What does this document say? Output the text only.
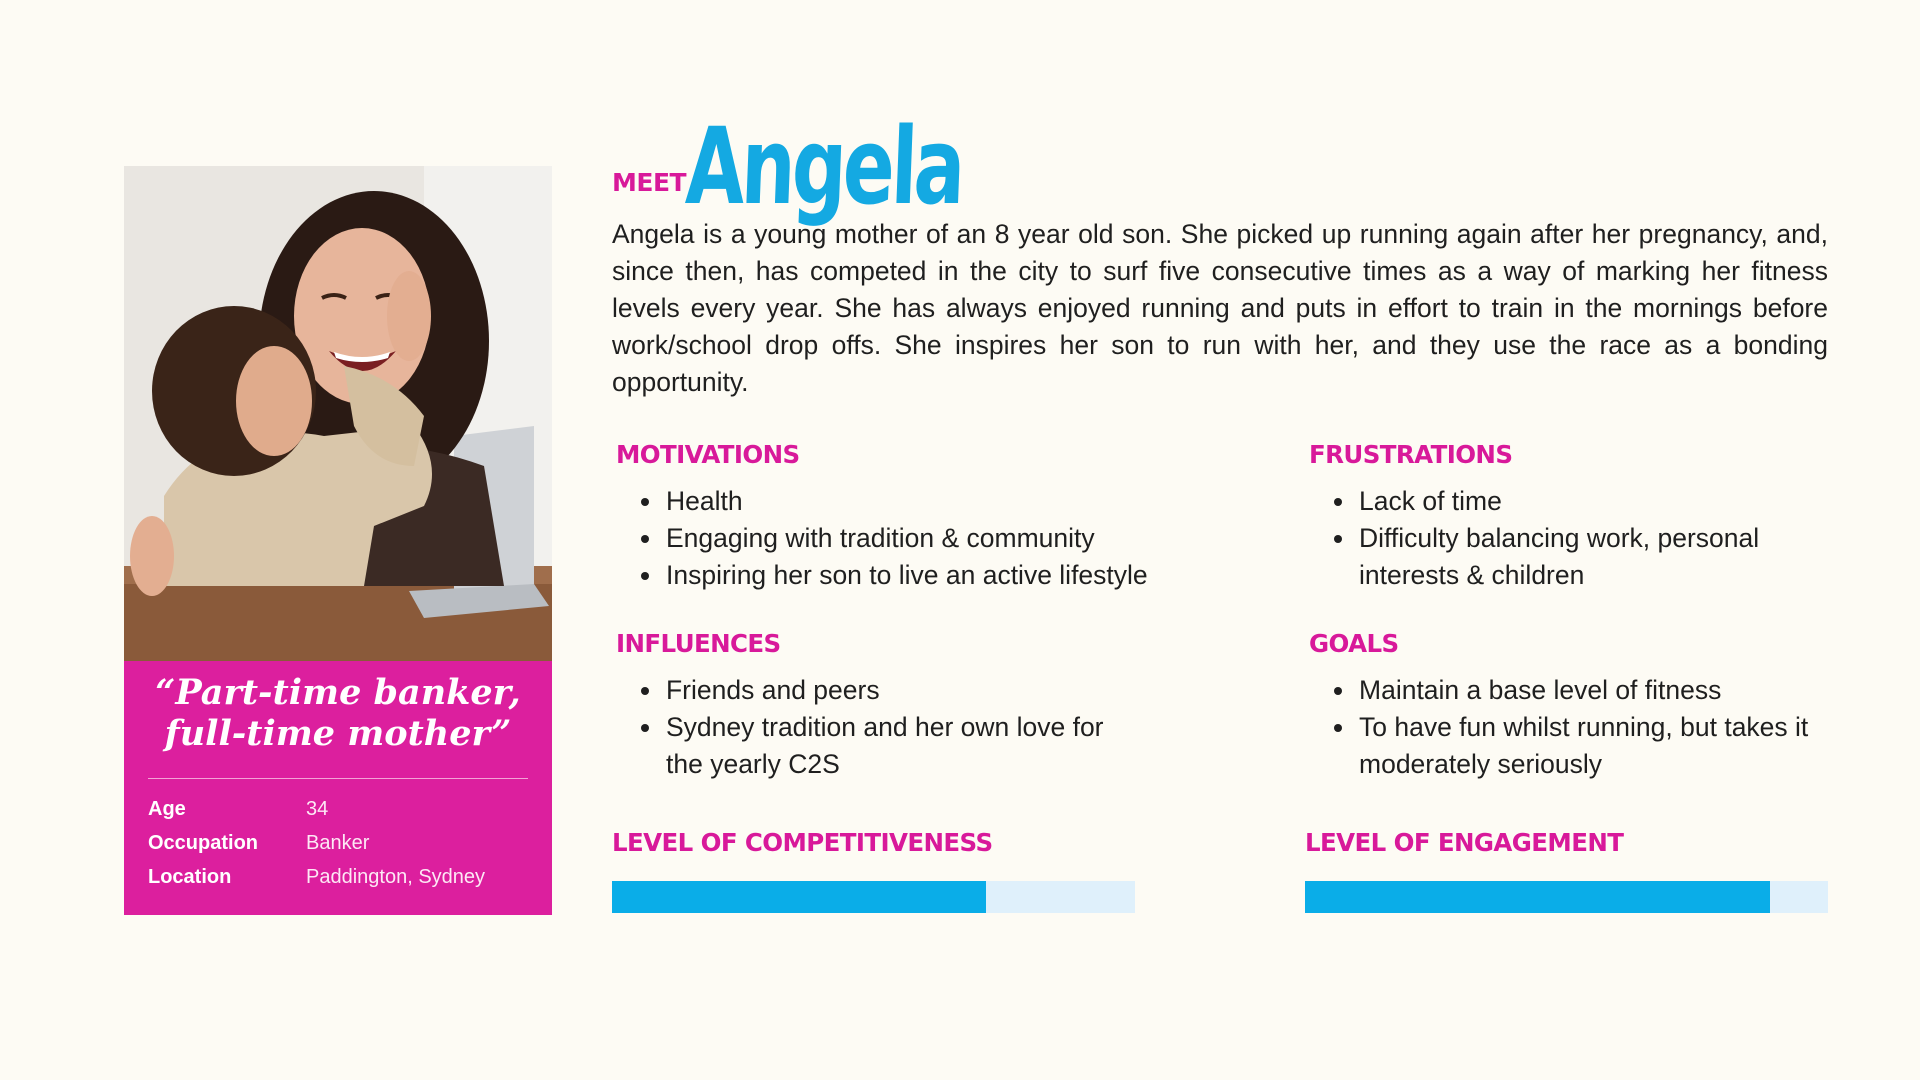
“Part-time banker, full-time mother”
Age	34
Occupation	Banker
Location	Paddington, Sydney
MEET
Angela

Angela is a young mother of an 8 year old son. She picked up running again after her pregnancy, and, since then, has competed in the city to surf five consecutive times as a way of marking her fitness levels every year. She has always enjoyed running and puts in effort to train in the mornings before work/school drop offs. She inspires her son to run with her, and they use the race as a bonding opportunity.

MOTIVATIONS
Health
Engaging with tradition & community
Inspiring her son to live an active lifestyle
FRUSTRATIONS
Lack of time
Difficulty balancing work, personal interests & children
INFLUENCES
Friends and peers
Sydney tradition and her own love for the yearly C2S
GOALS
Maintain a base level of fitness
To have fun whilst running, but takes it moderately seriously
LEVEL OF COMPETITIVENESS	LEVEL OF ENGAGEMENT
